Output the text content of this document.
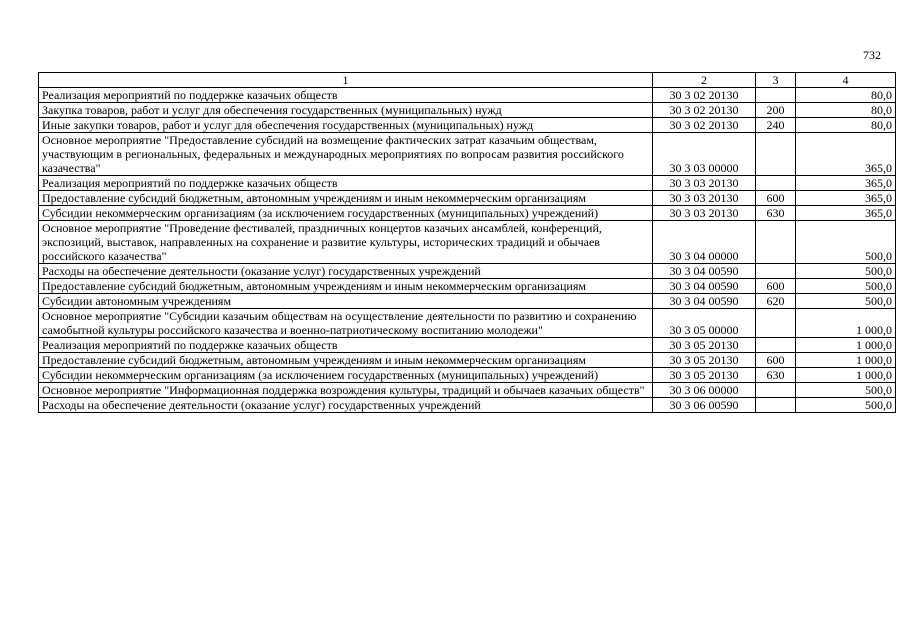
732
1	2	3	4
Реализация мероприятий по поддержке казачьих обществ	30 3 02 20130		80,0
Закупка товаров, работ и услуг для обеспечения государственных (муниципальных) нужд	30 3 02 20130	200	80,0
Иные закупки товаров, работ и услуг для обеспечения государственных (муниципальных) нужд	30 3 02 20130	240	80,0
Основное мероприятие "Предоставление субсидий на возмещение фактических затрат казачьим обществам, участвующим в региональных, федеральных и международных мероприятиях по вопросам развития российского казачества"	30 3 03 00000		365,0
Реализация мероприятий по поддержке казачьих обществ	30 3 03 20130		365,0
Предоставление субсидий бюджетным, автономным учреждениям и иным некоммерческим организациям	30 3 03 20130	600	365,0
Субсидии некоммерческим организациям (за исключением государственных (муниципальных) учреждений)	30 3 03 20130	630	365,0
Основное мероприятие "Проведение фестивалей, праздничных концертов казачьих ансамблей, конференций, экспозиций, выставок, направленных на сохранение и развитие культуры, исторических традиций и обычаев российского казачества"	30 3 04 00000		500,0
Расходы на обеспечение деятельности (оказание услуг) государственных учреждений	30 3 04 00590		500,0
Предоставление субсидий бюджетным, автономным учреждениям и иным некоммерческим организациям	30 3 04 00590	600	500,0
Субсидии автономным учреждениям	30 3 04 00590	620	500,0
Основное мероприятие "Субсидии казачьим обществам на осуществление деятельности по развитию и сохранению самобытной культуры российского казачества и военно-патриотическому воспитанию молодежи"	30 3 05 00000		1 000,0
Реализация мероприятий по поддержке казачьих обществ	30 3 05 20130		1 000,0
Предоставление субсидий бюджетным, автономным учреждениям и иным некоммерческим организациям	30 3 05 20130	600	1 000,0
Субсидии некоммерческим организациям (за исключением государственных (муниципальных) учреждений)	30 3 05 20130	630	1 000,0
Основное мероприятие "Информационная поддержка возрождения культуры, традиций и обычаев казачьих обществ"	30 3 06 00000		500,0
Расходы на обеспечение деятельности (оказание услуг) государственных учреждений	30 3 06 00590		500,0
